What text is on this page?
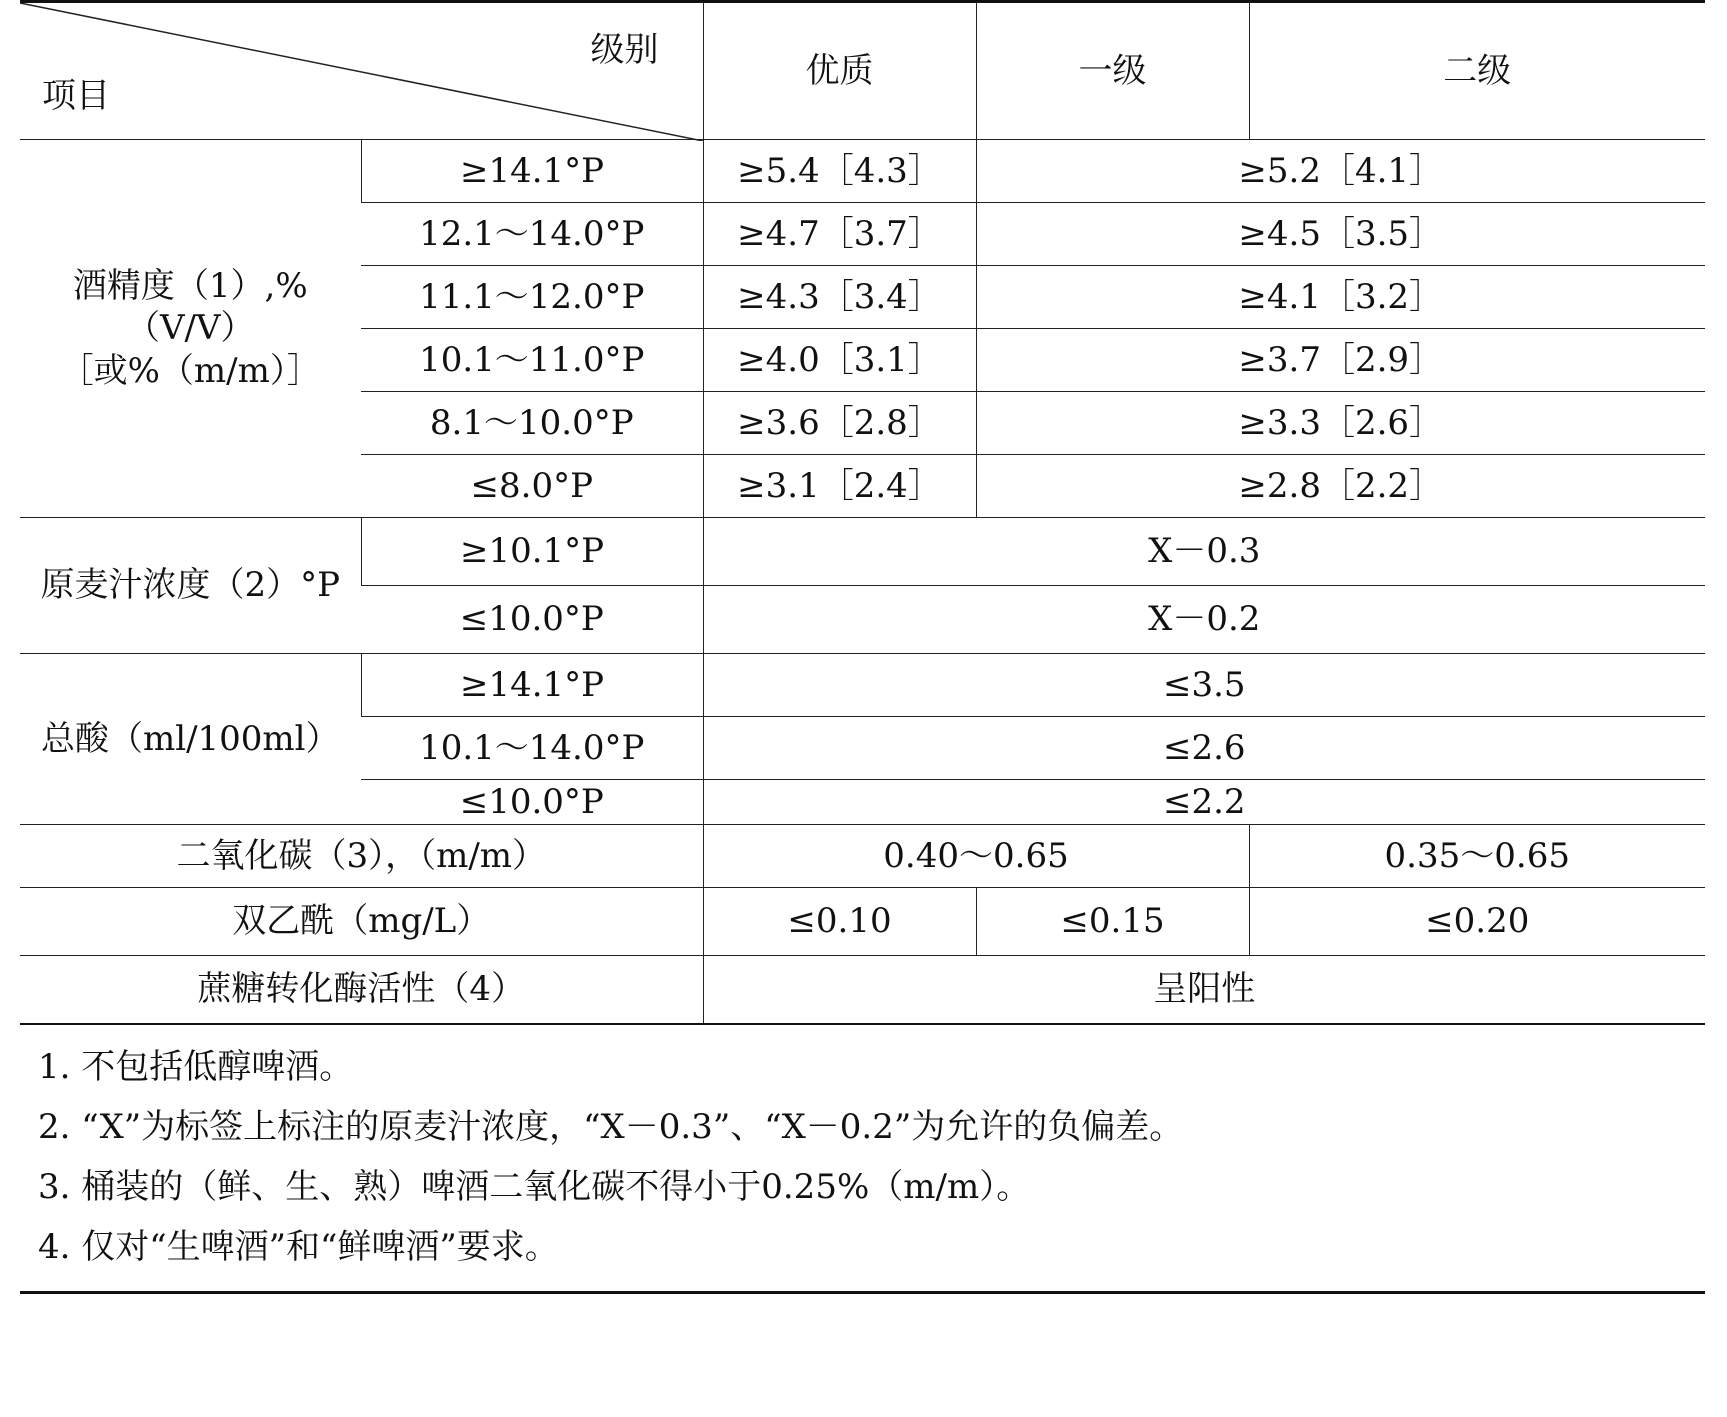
级别
项目		优质	一级	二级

酒精度（1）,%（V/V）
［或%（m/m）］	≥14.1°P	≥5.4［4.3］	≥5.2［4.1］	
	12.1～14.0°P	≥4.7［3.7］	≥4.5［3.5］	
	11.1～12.0°P	≥4.3［3.4］	≥4.1［3.2］	
	10.1～11.0°P	≥4.0［3.1］	≥3.7［2.9］	
	8.1～10.0°P	≥3.6［2.8］	≥3.3［2.6］	
	≤8.0°P	≥3.1［2.4］	≥2.8［2.2］	
原麦汁浓度（2）°P	≥10.1°P	X－0.3		
	≤10.0°P	X－0.2		
总酸（ml/100ml）	≥14.1°P	≤3.5		
	10.1～14.0°P	≤2.6		
	≤10.0°P	≤2.2		
二氧化碳（3），（m/m）		0.40～0.65		0.35～0.65
双乙酰（mg/L）		≤0.10	≤0.15	≤0.20
蔗糖转化酶活性（4）		呈阳性		
1. 不包括低醇啤酒。
2. “X”为标签上标注的原麦汁浓度，“X－0.3”、“X－0.2”为允许的负偏差。
3. 桶装的（鲜、生、熟）啤酒二氧化碳不得小于0.25%（m/m）。
4. 仅对“生啤酒”和“鲜啤酒”要求。
